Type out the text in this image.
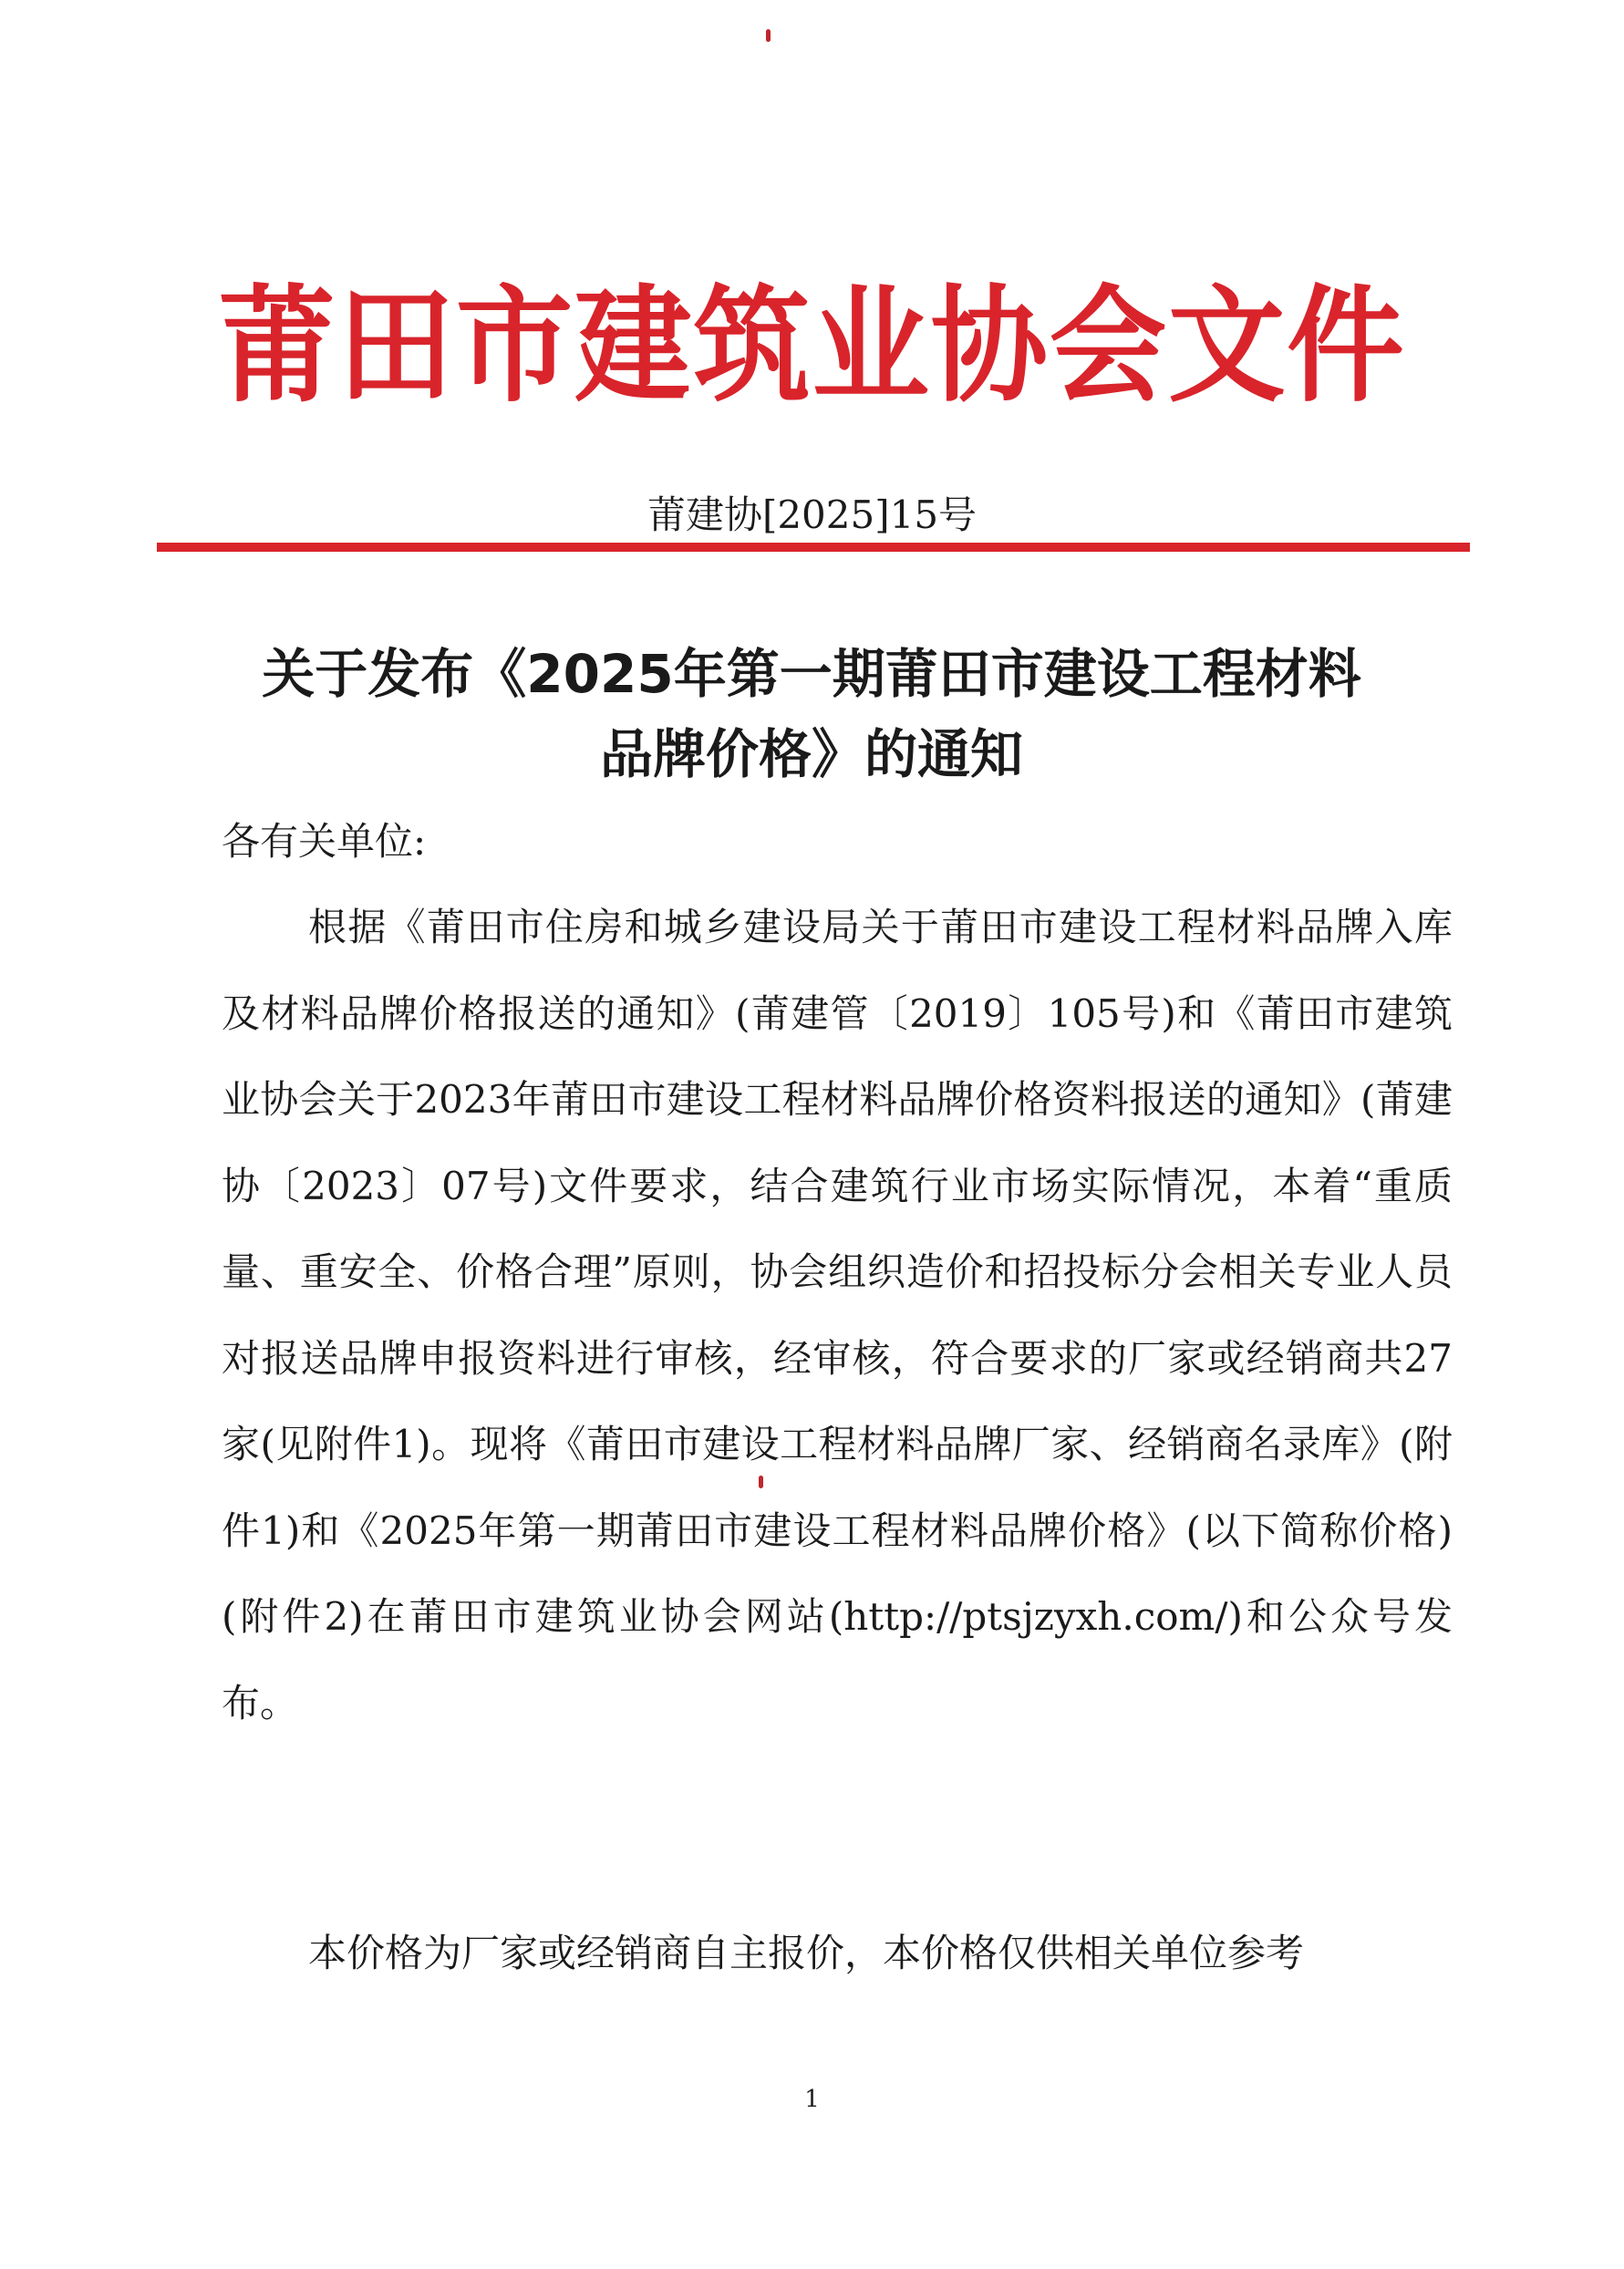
莆田市建筑业协会文件
莆建协[2025]15号
关于发布《2025年第一期莆田市建设工程材料
品牌价格》的通知
各有关单位:
根据《莆田市住房和城乡建设局关于莆田市建设工程材料品牌入库及材料品牌价格报送的通知》(莆建管〔2019〕105号)和《莆田市建筑业协会关于2023年莆田市建设工程材料品牌价格资料报送的通知》(莆建协〔2023〕07号)文件要求，结合建筑行业市场实际情况，本着“重质量、重安全、价格合理”原则，协会组织造价和招投标分会相关专业人员对报送品牌申报资料进行审核，经审核，符合要求的厂家或经销商共27家(见附件1)。现将《莆田市建设工程材料品牌厂家、经销商名录库》(附件1)和《2025年第一期莆田市建设工程材料品牌价格》(以下简称价格)(附件2)在莆田市建筑业协会网站(http://ptsjzyxh.com/)和公众号发布。
本价格为厂家或经销商自主报价，本价格仅供相关单位参考
1
